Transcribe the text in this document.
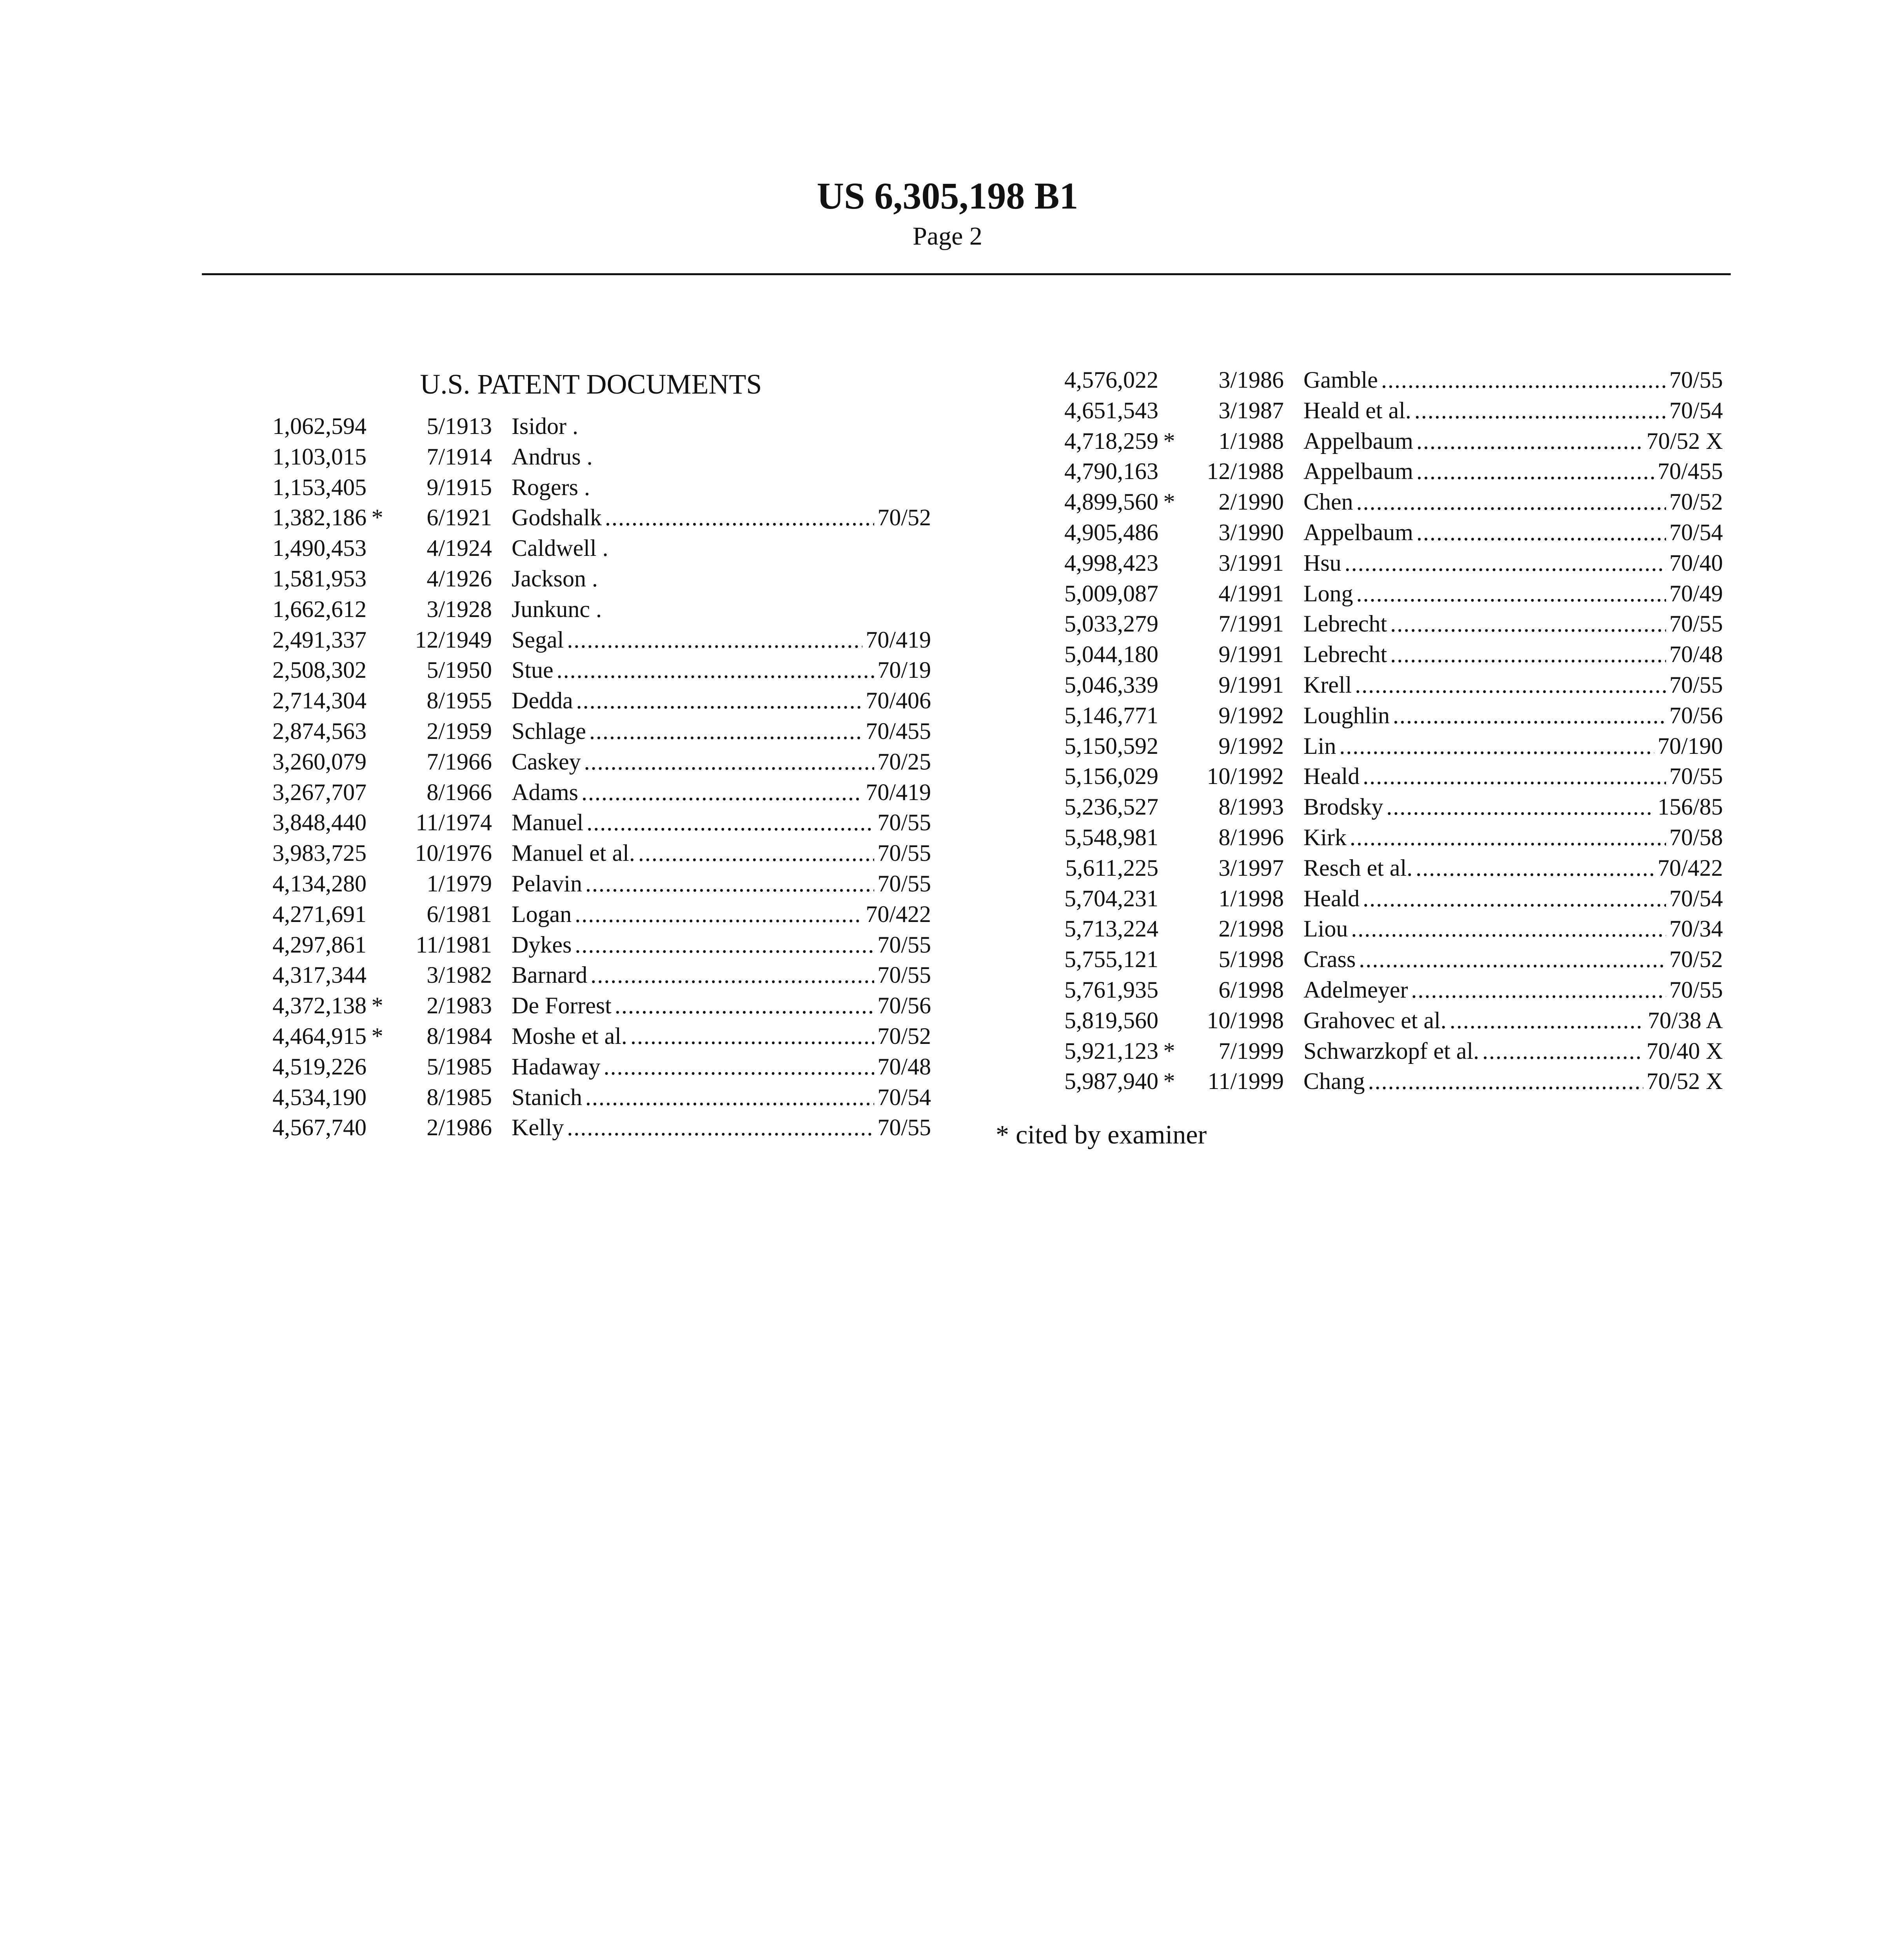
US 6,305,198 B1
Page 2
U.S. PATENT DOCUMENTS
1,062,594	5/1913 Isidor .
1,103,015	7/1914 Andrus .
1,153,405	9/1915 Rogers .
1,382,186 *	6/1921 Godshalk .....	70/52
1,490,453	4/1924 Caldwell .
1,581,953	4/1926 Jackson .
1,662,612	3/1928 Junkunc .
2,491,337	12/1949 Segal .....	70/419
2,508,302	5/1950 Stue .....	70/19
2,714,304	8/1955 Dedda .....	70/406
2,874,563	2/1959 Schlage .....	70/455
3,260,079	7/1966 Caskey .....	70/25
3,267,707	8/1966 Adams .....	70/419
3,848,440	11/1974 Manuel .....	70/55
3,983,725	10/1976 Manuel et al. .....	70/55
4,134,280	1/1979 Pelavin .....	70/55
4,271,691	6/1981 Logan .....	70/422
4,297,861	11/1981 Dykes .....	70/55
4,317,344	3/1982 Barnard .....	70/55
4,372,138 *	2/1983 De Forrest .....	70/56
4,464,915 *	8/1984 Moshe et al. .....	70/52
4,519,226	5/1985 Hadaway .....	70/48
4,534,190	8/1985 Stanich .....	70/54
4,567,740	2/1986 Kelly .....	70/55
4,576,022	3/1986 Gamble .....	70/55
4,651,543	3/1987 Heald et al. .....	70/54
4,718,259 *	1/1988 Appelbaum .....	70/52 X
4,790,163	12/1988 Appelbaum .....	70/455
4,899,560 *	2/1990 Chen .....	70/52
4,905,486	3/1990 Appelbaum .....	70/54
4,998,423	3/1991 Hsu .....	70/40
5,009,087	4/1991 Long .....	70/49
5,033,279	7/1991 Lebrecht .....	70/55
5,044,180	9/1991 Lebrecht .....	70/48
5,046,339	9/1991 Krell .....	70/55
5,146,771	9/1992 Loughlin .....	70/56
5,150,592	9/1992 Lin .....	70/190
5,156,029	10/1992 Heald .....	70/55
5,236,527	8/1993 Brodsky .....	156/85
5,548,981	8/1996 Kirk .....	70/58
5,611,225	3/1997 Resch et al. .....	70/422
5,704,231	1/1998 Heald .....	70/54
5,713,224	2/1998 Liou .....	70/34
5,755,121	5/1998 Crass .....	70/52
5,761,935	6/1998 Adelmeyer .....	70/55
5,819,560	10/1998 Grahovec et al. .....	70/38 A
5,921,123 *	7/1999 Schwarzkopf et al. .....	70/40 X
5,987,940 *	11/1999 Chang .....	70/52 X
* cited by examiner
